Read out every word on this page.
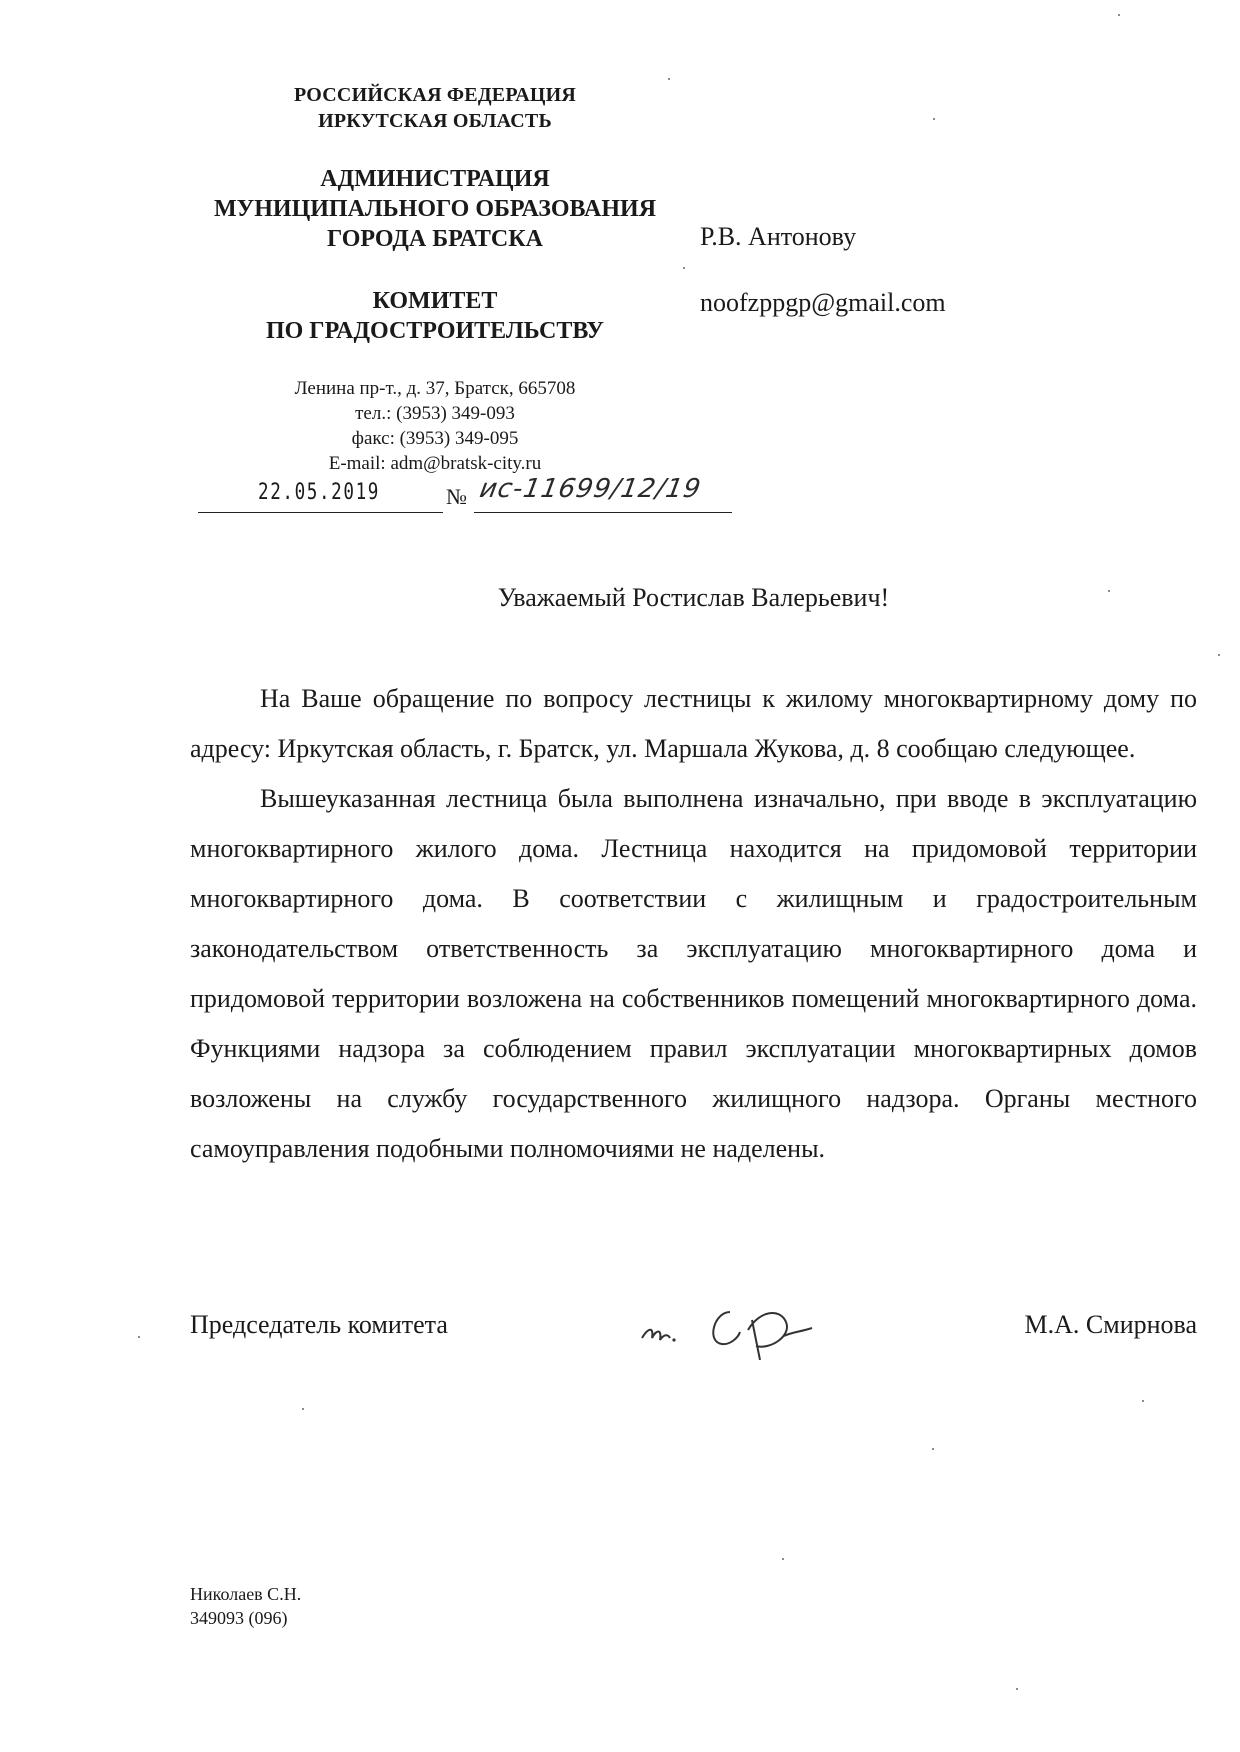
РОССИЙСКАЯ ФЕДЕРАЦИЯ
ИРКУТСКАЯ ОБЛАСТЬ
АДМИНИСТРАЦИЯ
МУНИЦИПАЛЬНОГО ОБРАЗОВАНИЯ
ГОРОДА БРАТСКА
КОМИТЕТ
ПО ГРАДОСТРОИТЕЛЬСТВУ
Ленина пр-т., д. 37, Братск, 665708
тел.: (3953) 349-093
факс: (3953) 349-095
E-mail: adm@bratsk-city.ru
22.05.2019	№ ис-11699/12/19
Р.В. Антонову
noofzppgp@gmail.com
Уважаемый Ростислав Валерьевич!

На Ваше обращение по вопросу лестницы к жилому многоквартирному дому по адресу: Иркутская область, г. Братск, ул. Маршала Жукова, д. 8 сообщаю следующее.

Вышеуказанная лестница была выполнена изначально, при вводе в эксплуатацию многоквартирного жилого дома. Лестница находится на придомовой территории многоквартирного дома. В соответствии с жилищным и градостроительным законодательством ответственность за эксплуатацию многоквартирного дома и придомовой территории возложена на собственников помещений многоквартирного дома. Функциями надзора за соблюдением правил эксплуатации многоквартирных домов возложены на службу государственного жилищного надзора. Органы местного самоуправления подобными полномочиями не наделены.

Председатель комитета	М.А. Смирнова
Николаев С.Н.
349093 (096)
